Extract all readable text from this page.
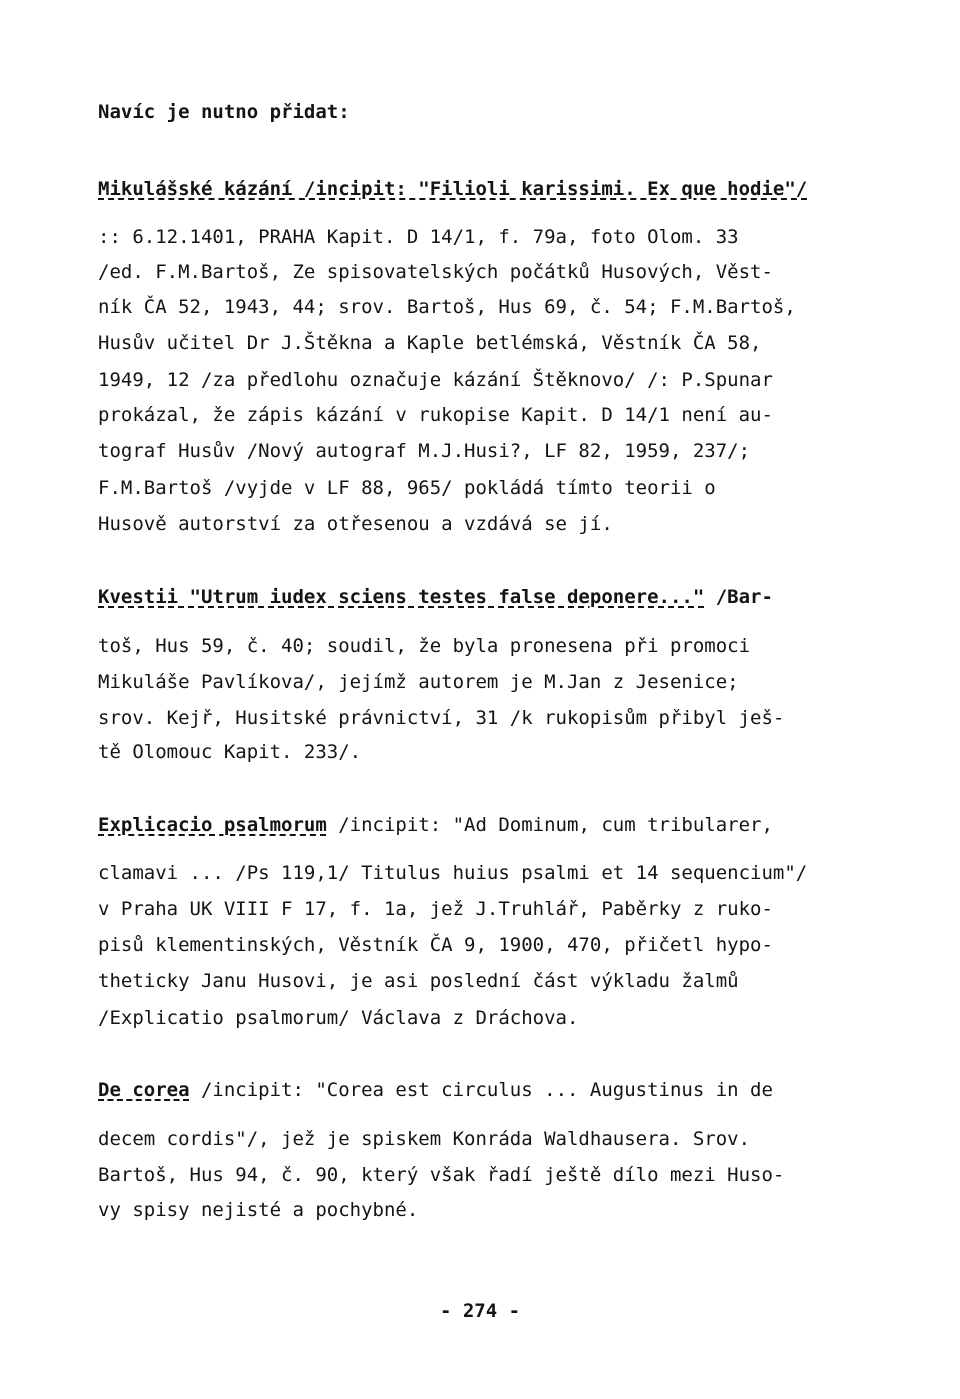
Navíc je nutno přidat:
Mikulášské kázání /incipit: "Filioli karissimi. Ex que hodie"/
:: 6.12.1401, PRAHA Kapit. D 14/1, f. 79a, foto Olom. 33
/ed. F.M.Bartoš, Ze spisovatelských počátků Husových, Věst-
ník ČA 52, 1943, 44; srov. Bartoš, Hus 69, č. 54; F.M.Bartoš,
Husův učitel Dr J.Štěkna a Kaple betlémská, Věstník ČA 58,
1949, 12 /za předlohu označuje kázání Štěknovo/ /: P.Spunar
prokázal, že zápis kázání v rukopise Kapit. D 14/1 není au-
tograf Husův /Nový autograf M.J.Husi?, LF 82, 1959, 237/;
F.M.Bartoš /vyjde v LF 88, 965/ pokládá tímto teorii o
Husově autorství za otřesenou a vzdává se jí.
Kvestii "Utrum iudex sciens testes false deponere..." /Bar-
toš, Hus 59, č. 40; soudil, že byla pronesena při promoci
Mikuláše Pavlíkova/, jejímž autorem je M.Jan z Jesenice;
srov. Kejř, Husitské právnictví, 31 /k rukopisům přibyl ješ-
tě Olomouc Kapit. 233/.
Explicacio psalmorum /incipit: "Ad Dominum, cum tribularer,
clamavi ... /Ps 119,1/ Titulus huius psalmi et 14 sequencium"/
v Praha UK VIII F 17, f. 1a, jež J.Truhlář, Paběrky z ruko-
pisů klementinských, Věstník ČA 9, 1900, 470, přičetl hypo-
theticky Janu Husovi, je asi poslední část výkladu žalmů
/Explicatio psalmorum/ Václava z Dráchova.
De corea /incipit: "Corea est circulus ... Augustinus in de
decem cordis"/, jež je spiskem Konráda Waldhausera. Srov.
Bartoš, Hus 94, č. 90, který však řadí ještě dílo mezi Huso-
vy spisy nejisté a pochybné.
- 274 -
